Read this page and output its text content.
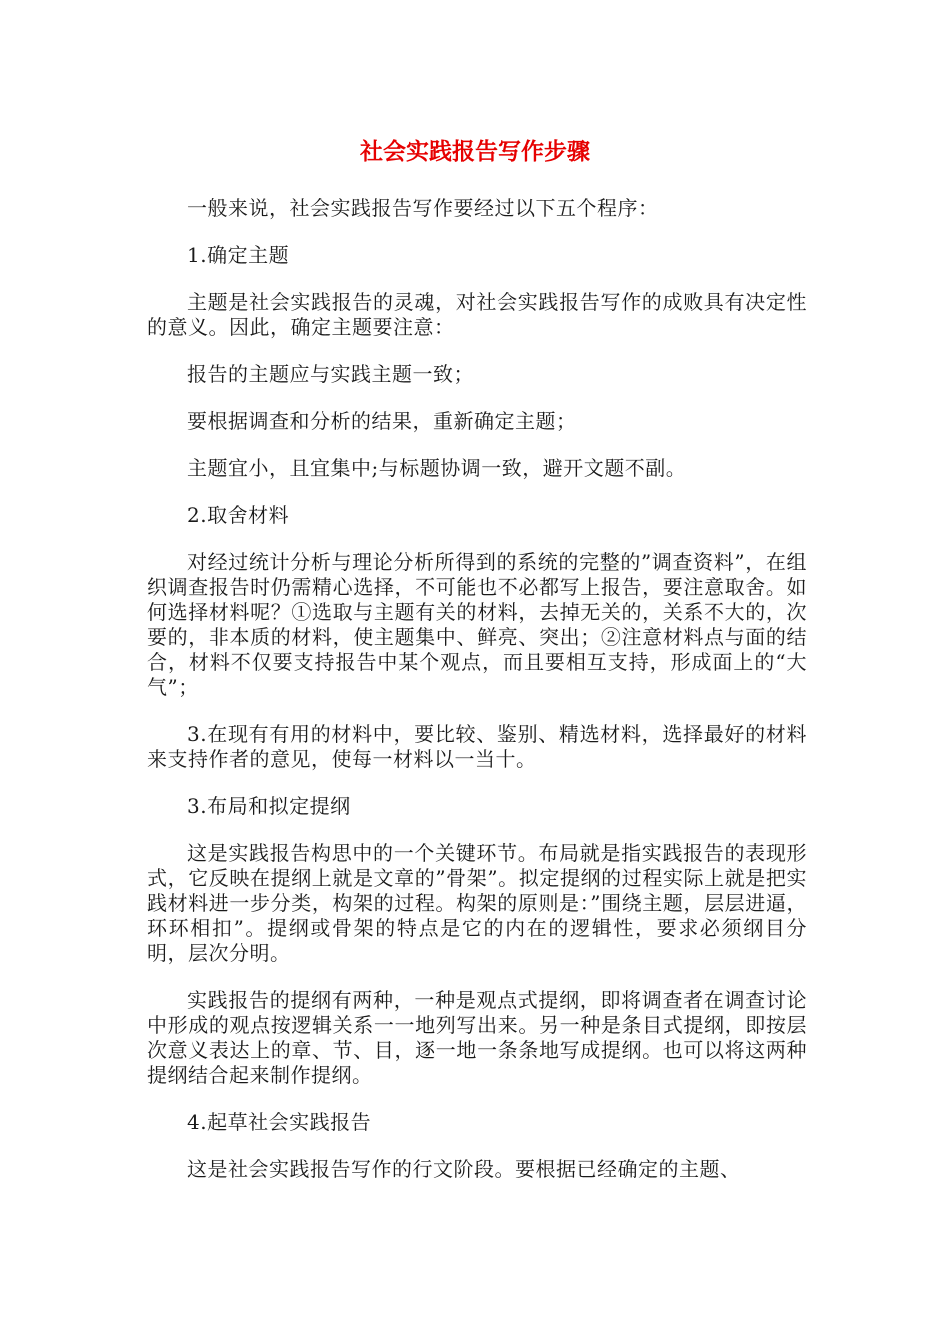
社会实践报告写作步骤

一般来说，社会实践报告写作要经过以下五个程序：

1.确定主题

主题是社会实践报告的灵魂，对社会实践报告写作的成败具有决定性的意义。因此，确定主题要注意：

报告的主题应与实践主题一致；

要根据调查和分析的结果，重新确定主题；

主题宜小，且宜集中;与标题协调一致，避开文题不副。

2.取舍材料

对经过统计分析与理论分析所得到的系统的完整的”调查资料”，在组织调查报告时仍需精心选择，不可能也不必都写上报告，要注意取舍。如何选择材料呢？①选取与主题有关的材料，去掉无关的，关系不大的，次要的，非本质的材料，使主题集中、鲜亮、突出；②注意材料点与面的结合，材料不仅要支持报告中某个观点，而且要相互支持，形成面上的“大气”；

3.在现有有用的材料中，要比较、鉴别、精选材料，选择最好的材料来支持作者的意见，使每一材料以一当十。

3.布局和拟定提纲

这是实践报告构思中的一个关键环节。布局就是指实践报告的表现形式，它反映在提纲上就是文章的”骨架”。拟定提纲的过程实际上就是把实践材料进一步分类，构架的过程。构架的原则是：”围绕主题，层层进逼，环环相扣”。提纲或骨架的特点是它的内在的逻辑性，要求必须纲目分明，层次分明。

实践报告的提纲有两种，一种是观点式提纲，即将调查者在调查讨论中形成的观点按逻辑关系一一地列写出来。另一种是条目式提纲，即按层次意义表达上的章、节、目，逐一地一条条地写成提纲。也可以将这两种提纲结合起来制作提纲。

4.起草社会实践报告

这是社会实践报告写作的行文阶段。要根据已经确定的主题、
